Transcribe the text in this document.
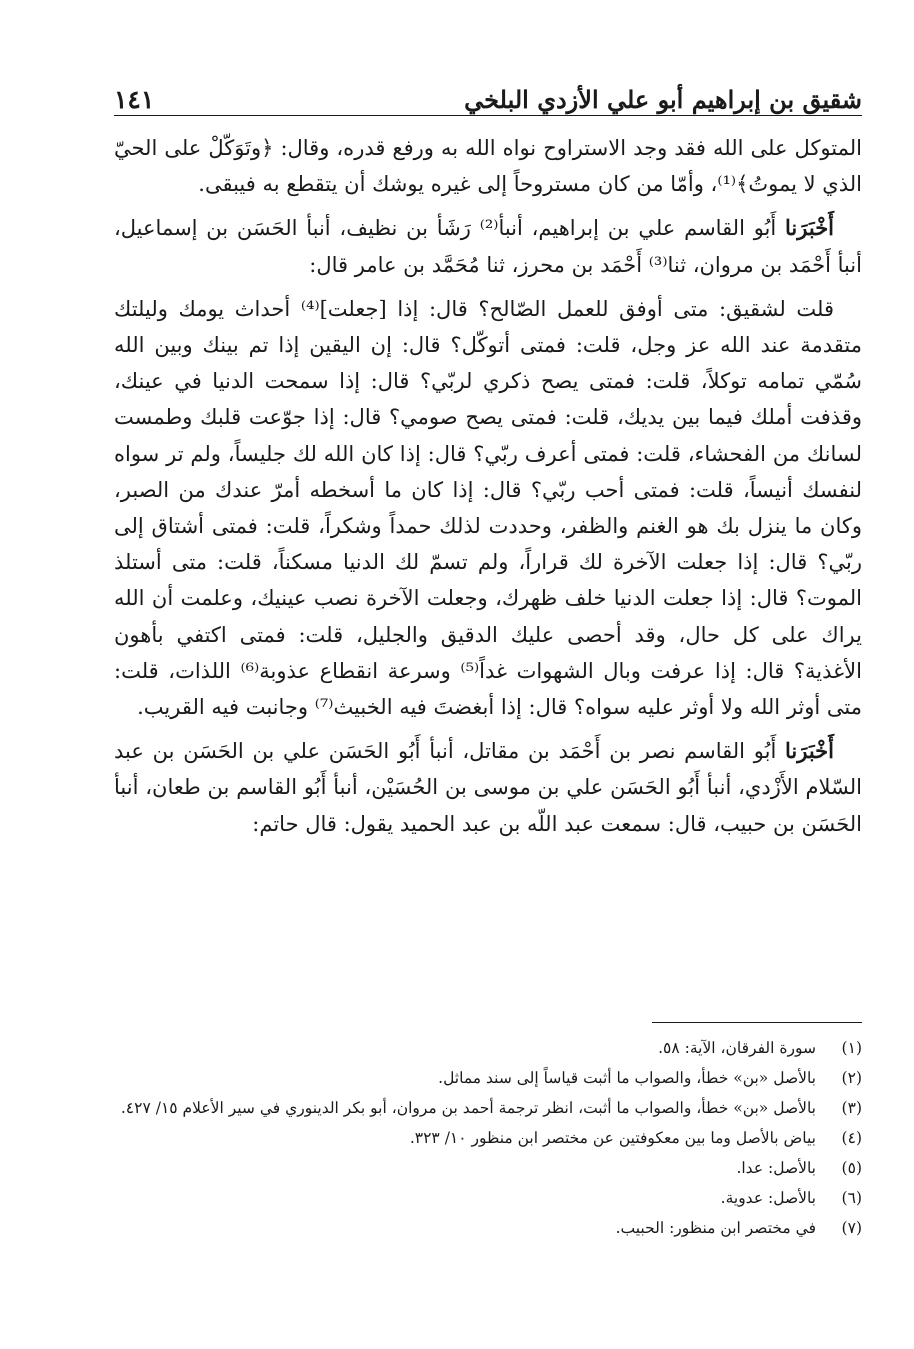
شقيق بن إبراهيم أبو علي الأزدي البلخي
١٤١

المتوكل على الله فقد وجد الاستراوح نواه الله به ورفع قدره، وقال: ﴿وتَوَكّلْ على الحيّ الذي لا يموتُ﴾⁽¹⁾، وأمّا من كان مستروحاً إلى غيره يوشك أن يتقطع به فيبقى.

أَخْبَرَنا أَبُو القاسم علي بن إبراهيم، أنبأ⁽²⁾ رَشَأ بن نظيف، أنبأ الحَسَن بن إسماعيل، أنبأ أَحْمَد بن مروان، ثنا⁽³⁾ أَحْمَد بن محرز، ثنا مُحَمَّد بن عامر قال:

قلت لشقيق: متى أوفق للعمل الصّالح؟ قال: إذا [جعلت]⁽⁴⁾ أحداث يومك وليلتك متقدمة عند الله عز وجل، قلت: فمتى أتوكّل؟ قال: إن اليقين إذا تم بينك وبين الله سُمّي تمامه توكلاً، قلت: فمتى يصح ذكري لربّي؟ قال: إذا سمحت الدنيا في عينك، وقذفت أملك فيما بين يديك، قلت: فمتى يصح صومي؟ قال: إذا جوّعت قلبك وطمست لسانك من الفحشاء، قلت: فمتى أعرف ربّي؟ قال: إذا كان الله لك جليساً، ولم تر سواه لنفسك أنيساً، قلت: فمتى أحب ربّي؟ قال: إذا كان ما أسخطه أمرّ عندك من الصبر، وكان ما ينزل بك هو الغنم والظفر، وحددت لذلك حمداً وشكراً، قلت: فمتى أشتاق إلى ربّي؟ قال: إذا جعلت الآخرة لك قراراً، ولم تسمّ لك الدنيا مسكناً، قلت: متى أستلذ الموت؟ قال: إذا جعلت الدنيا خلف ظهرك، وجعلت الآخرة نصب عينيك، وعلمت أن الله يراك على كل حال، وقد أحصى عليك الدقيق والجليل، قلت: فمتى اكتفي بأهون الأغذية؟ قال: إذا عرفت وبال الشهوات غداً⁽⁵⁾ وسرعة انقطاع عذوبة⁽⁶⁾ اللذات، قلت: متى أوثر الله ولا أوثر عليه سواه؟ قال: إذا أبغضتَ فيه الخبيث⁽⁷⁾ وجانبت فيه القريب.

أَخْبَرَنا أَبُو القاسم نصر بن أَحْمَد بن مقاتل، أنبأ أَبُو الحَسَن علي بن الحَسَن بن عبد السّلام الأَزْدي، أنبأ أَبُو الحَسَن علي بن موسى بن الحُسَيْن، أنبأ أَبُو القاسم بن طعان، أنبأ الحَسَن بن حبيب، قال: سمعت عبد اللّه بن عبد الحميد يقول: قال حاتم:

(١)
سورة الفرقان، الآية: ٥٨.
(٢)
بالأصل «بن» خطأ، والصواب ما أثبت قياساً إلى سند مماثل.
(٣)
بالأصل «بن» خطأ، والصواب ما أثبت، انظر ترجمة أحمد بن مروان، أبو بكر الدينوري في سير الأعلام ١٥/ ٤٢٧.
(٤)
بياض بالأصل وما بين معكوفتين عن مختصر ابن منظور ١٠/ ٣٢٣.
(٥)
بالأصل: عدا.
(٦)
بالأصل: عدوية.
(٧)
في مختصر ابن منظور: الحبيب.
